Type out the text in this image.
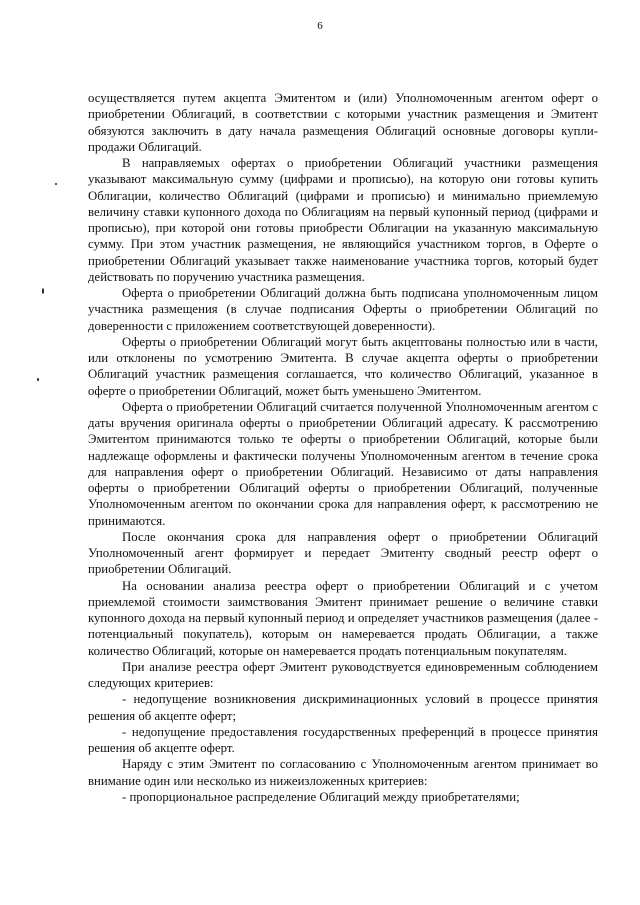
6

осуществляется путем акцепта Эмитентом и (или) Уполномоченным агентом оферт о приобретении Облигаций, в соответствии с которыми участник размещения и Эмитент обязуются заключить в дату начала размещения Облигаций основные договоры купли-продажи Облигаций.

В направляемых офертах о приобретении Облигаций участники размещения указывают максимальную сумму (цифрами и прописью), на которую они готовы купить Облигации, количество Облигаций (цифрами и прописью) и минимально приемлемую величину ставки купонного дохода по Облигациям на первый купонный период (цифрами и прописью), при которой они готовы приобрести Облигации на указанную максимальную сумму. При этом участник размещения, не являющийся участником торгов, в Оферте о приобретении Облигаций указывает также наименование участника торгов, который будет действовать по поручению участника размещения.

Оферта о приобретении Облигаций должна быть подписана уполномоченным лицом участника размещения (в случае подписания Оферты о приобретении Облигаций по доверенности с приложением соответствующей доверенности).

Оферты о приобретении Облигаций могут быть акцептованы полностью или в части, или отклонены по усмотрению Эмитента. В случае акцепта оферты о приобретении Облигаций участник размещения соглашается, что количество Облигаций, указанное в оферте о приобретении Облигаций, может быть уменьшено Эмитентом.

Оферта о приобретении Облигаций считается полученной Уполномоченным агентом с даты вручения оригинала оферты о приобретении Облигаций адресату. К рассмотрению Эмитентом принимаются только те оферты о приобретении Облигаций, которые были надлежаще оформлены и фактически получены Уполномоченным агентом в течение срока для направления оферт о приобретении Облигаций. Независимо от даты направления оферты о приобретении Облигаций оферты о приобретении Облигаций, полученные Уполномоченным агентом по окончании срока для направления оферт, к рассмотрению не принимаются.

После окончания срока для направления оферт о приобретении Облигаций Уполномоченный агент формирует и передает Эмитенту сводный реестр оферт о приобретении Облигаций.

На основании анализа реестра оферт о приобретении Облигаций и с учетом приемлемой стоимости заимствования Эмитент принимает решение о величине ставки купонного дохода на первый купонный период и определяет участников размещения (далее - потенциальный покупатель), которым он намеревается продать Облигации, а также количество Облигаций, которые он намеревается продать потенциальным покупателям.

При анализе реестра оферт Эмитент руководствуется единовременным соблюдением следующих критериев:

- недопущение возникновения дискриминационных условий в процессе принятия решения об акцепте оферт;

- недопущение предоставления государственных преференций в процессе принятия решения об акцепте оферт.

Наряду с этим Эмитент по согласованию с Уполномоченным агентом принимает во внимание один или несколько из нижеизложенных критериев:

- пропорциональное распределение Облигаций между приобретателями;
